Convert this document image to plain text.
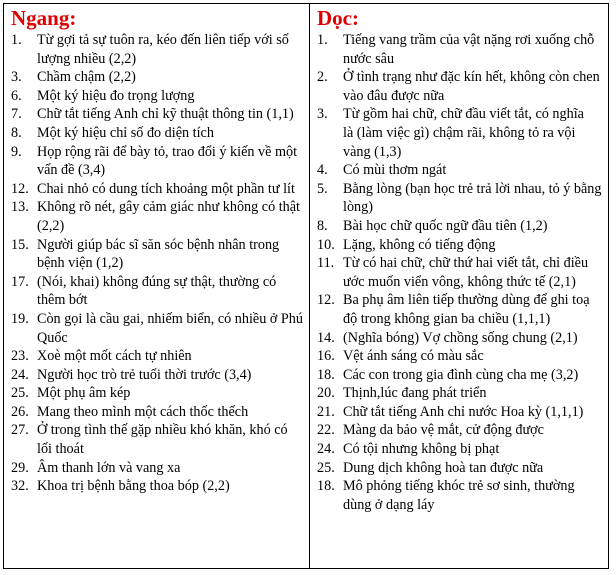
Ngang:
1. Từ gợi tả sự tuôn ra, kéo đến liên tiếp với số lượng nhiều (2,2)
3. Chầm chậm (2,2)
6. Một ký hiệu đo trọng lượng
7. Chữ tắt tiếng Anh chỉ kỹ thuật thông tin (1,1)
8. Một ký hiệu chỉ số đo diện tích
9. Họp rộng rãi để bày tỏ, trao đổi ý kiến về một vấn đề (3,4)
12. Chai nhỏ có dung tích khoảng một phần tư lít
13. Không rõ nét, gây cảm giác như không có thật (2,2)
15. Người giúp bác sĩ săn sóc bệnh nhân trong
bệnh viện (1,2)
17. (Nói, khai) không đúng sự thật, thường có thêm bớt
19. Còn gọi là cầu gai, nhiếm biển, có nhiều ở Phú Quốc
23. Xoè một mốt cách tự nhiên
24. Người học trò trẻ tuổi thời trước (3,4)
25. Một phụ âm kép
26. Mang theo mình một cách thốc thếch
27. Ở trong tình thế gặp nhiều khó khăn, khó có lối thoát
29. Âm thanh lớn và vang xa
32. Khoa trị bệnh bằng thoa bóp (2,2)
Dọc:
1. Tiếng vang trầm của vật nặng rơi xuống chỗ nước sâu
2. Ở tình trạng như đặc kín hết, không còn chen vào đâu được nữa
3. Từ gồm hai chữ, chữ đầu viết tắt, có nghĩa
là (làm việc gì) chậm rãi, không tỏ ra vội vàng (1,3)
4. Có mùi thơm ngát
5. Bằng lòng (bạn học trẻ trả lời nhau, tỏ ý bằng lòng)
8. Bài học chữ quốc ngữ đầu tiên (1,2)
10. Lặng, không có tiếng động
11. Từ có hai chữ, chữ thứ hai viết tắt, chỉ điều ước muốn viển vông, không thức tế (2,1)
12. Ba phụ âm liên tiếp thường dùng để ghi toạ độ trong không gian ba chiều (1,1,1)
14. (Nghĩa bóng) Vợ chồng sống chung (2,1)
16. Vệt ánh sáng có màu sắc
18. Các con trong gia đình cùng cha mẹ (3,2)
20. Thịnh,lúc đang phát triển
21. Chữ tắt tiếng Anh chỉ nước Hoa kỳ (1,1,1)
22. Màng da bảo vệ mắt, cử động được
24. Có tội nhưng không bị phạt
25. Dung dịch không hoà tan được nữa
18. Mô phỏng tiếng khóc trẻ sơ sinh, thường dùng ở dạng láy
